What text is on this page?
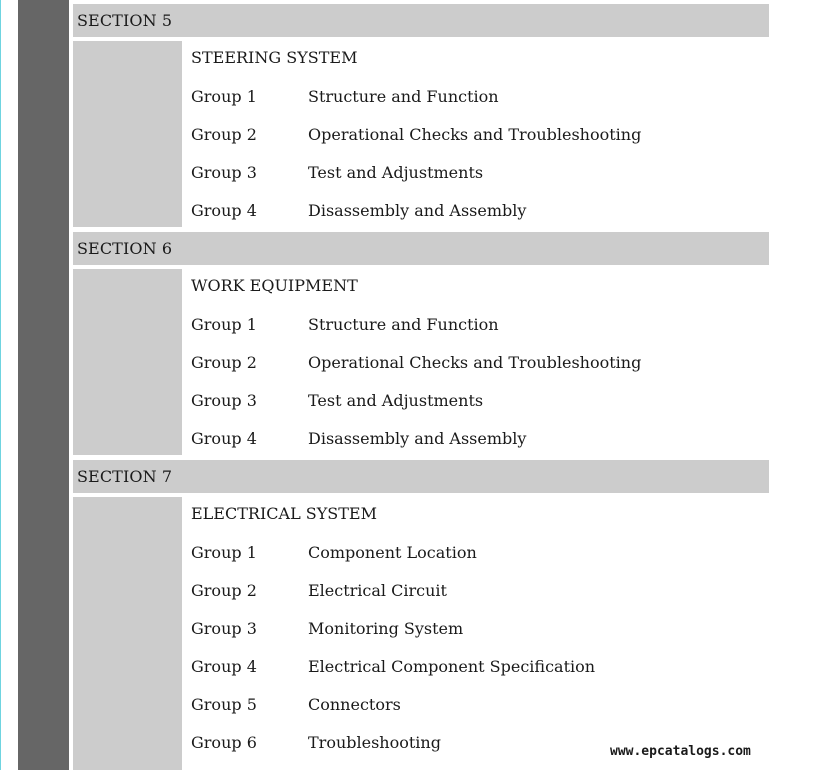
SECTION 5
STEERING SYSTEM
Group 1	Structure and Function
Group 2	Operational Checks and Troubleshooting
Group 3	Test and Adjustments
Group 4	Disassembly and Assembly
SECTION 6
WORK EQUIPMENT
Group 1	Structure and Function
Group 2	Operational Checks and Troubleshooting
Group 3	Test and Adjustments
Group 4	Disassembly and Assembly
SECTION 7
ELECTRICAL SYSTEM
Group 1	Component Location
Group 2	Electrical Circuit
Group 3	Monitoring System
Group 4	Electrical Component Specification
Group 5	Connectors
Group 6	Troubleshooting	www.epcatalogs.com
